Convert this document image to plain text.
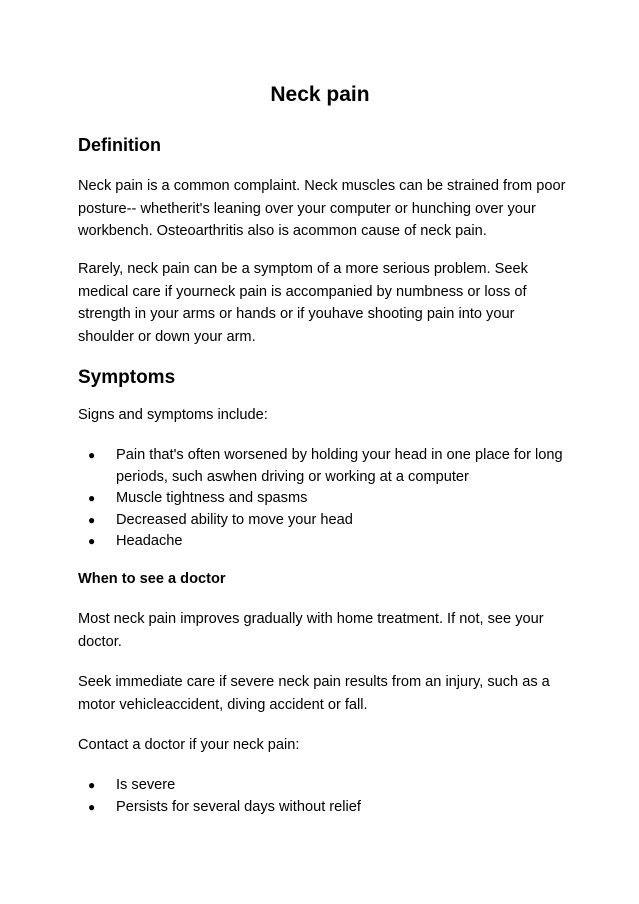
Neck pain
Definition

Neck pain is a common complaint. Neck muscles can be strained from poor posture-- whetherit's leaning over your computer or hunching over your workbench. Osteoarthritis also is acommon cause of neck pain.

Rarely, neck pain can be a symptom of a more serious problem. Seek medical care if yourneck pain is accompanied by numbness or loss of strength in your arms or hands or if youhave shooting pain into your shoulder or down your arm.

Symptoms

Signs and symptoms include:

● Pain that's often worsened by holding your head in one place for long periods, such aswhen driving or working at a computer
● Muscle tightness and spasms
● Decreased ability to move your head
● Headache
When to see a doctor

Most neck pain improves gradually with home treatment. If not, see your doctor.

Seek immediate care if severe neck pain results from an injury, such as a motor vehicleaccident, diving accident or fall.

Contact a doctor if your neck pain:

● Is severe
● Persists for several days without relief
